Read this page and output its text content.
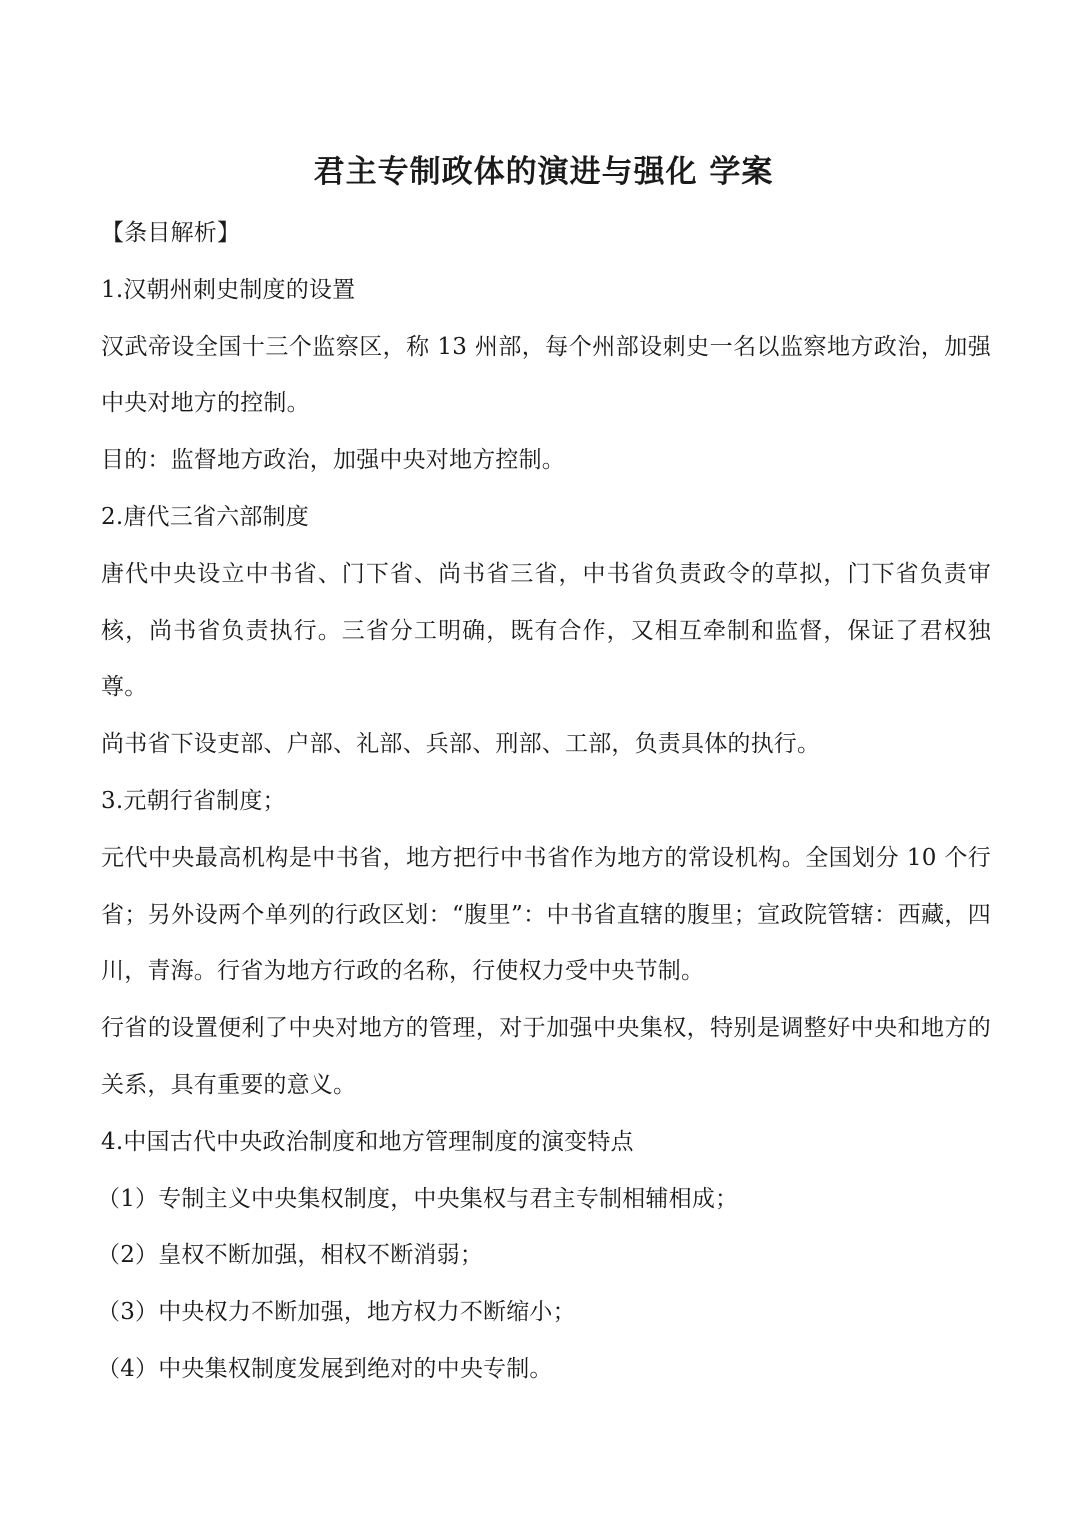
君主专制政体的演进与强化 学案

【条目解析】

1.汉朝州刺史制度的设置

汉武帝设全国十三个监察区，称 13 州部，每个州部设刺史一名以监察地方政治，加强中央对地方的控制。

目的：监督地方政治，加强中央对地方控制。

2.唐代三省六部制度

唐代中央设立中书省、门下省、尚书省三省，中书省负责政令的草拟，门下省负责审核，尚书省负责执行。三省分工明确，既有合作，又相互牵制和监督，保证了君权独尊。

尚书省下设吏部、户部、礼部、兵部、刑部、工部，负责具体的执行。

3.元朝行省制度；

元代中央最高机构是中书省，地方把行中书省作为地方的常设机构。全国划分 10 个行省；另外设两个单列的行政区划：“腹里”：中书省直辖的腹里；宣政院管辖：西藏，四川，青海。行省为地方行政的名称，行使权力受中央节制。

行省的设置便利了中央对地方的管理，对于加强中央集权，特别是调整好中央和地方的关系，具有重要的意义。

4.中国古代中央政治制度和地方管理制度的演变特点

（1）专制主义中央集权制度，中央集权与君主专制相辅相成；

（2）皇权不断加强，相权不断消弱；

（3）中央权力不断加强，地方权力不断缩小；

（4）中央集权制度发展到绝对的中央专制。
